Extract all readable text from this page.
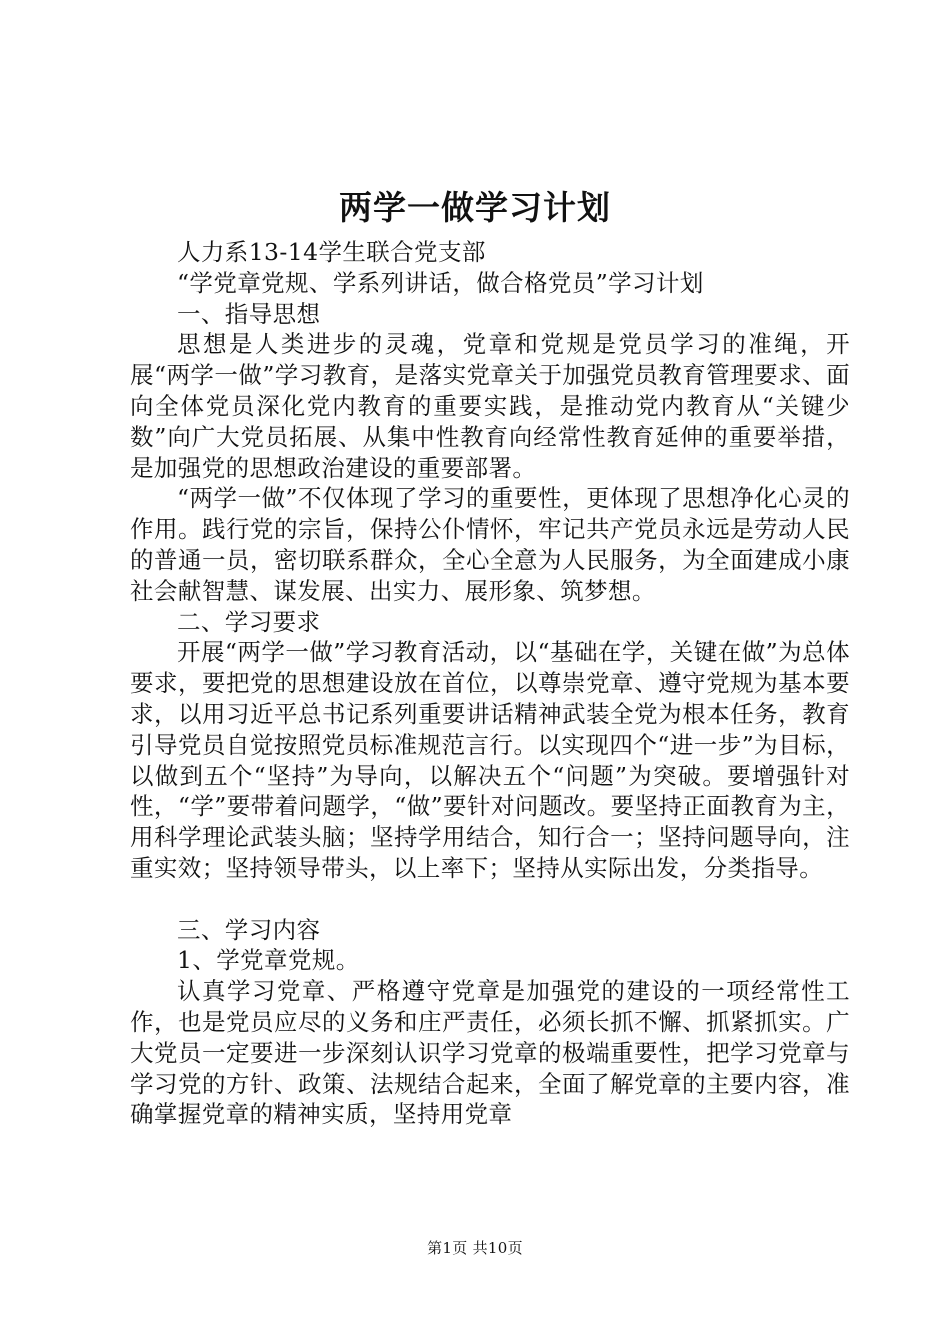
两学一做学习计划

人力系13-14学生联合党支部

“学党章党规、学系列讲话，做合格党员”学习计划

一、指导思想

思想是人类进步的灵魂，党章和党规是党员学习的准绳，开展“两学一做”学习教育，是落实党章关于加强党员教育管理要求、面向全体党员深化党内教育的重要实践，是推动党内教育从“关键少数”向广大党员拓展、从集中性教育向经常性教育延伸的重要举措，是加强党的思想政治建设的重要部署。

“两学一做”不仅体现了学习的重要性，更体现了思想净化心灵的作用。践行党的宗旨，保持公仆情怀，牢记共产党员永远是劳动人民的普通一员，密切联系群众，全心全意为人民服务，为全面建成小康社会献智慧、谋发展、出实力、展形象、筑梦想。

二、学习要求

开展“两学一做”学习教育活动，以“基础在学，关键在做”为总体要求，要把党的思想建设放在首位，以尊崇党章、遵守党规为基本要求，以用习近平总书记系列重要讲话精神武装全党为根本任务，教育引导党员自觉按照党员标准规范言行。以实现四个“进一步”为目标，以做到五个“坚持”为导向，以解决五个“问题”为突破。要增强针对性，“学”要带着问题学，“做”要针对问题改。要坚持正面教育为主，用科学理论武装头脑；坚持学用结合，知行合一；坚持问题导向，注重实效；坚持领导带头，以上率下；坚持从实际出发，分类指导。

三、学习内容

1、学党章党规。

认真学习党章、严格遵守党章是加强党的建设的一项经常性工作，也是党员应尽的义务和庄严责任，必须长抓不懈、抓紧抓实。广大党员一定要进一步深刻认识学习党章的极端重要性，把学习党章与学习党的方针、政策、法规结合起来，全面了解党章的主要内容，准确掌握党章的精神实质，坚持用党章

第1页 共10页
